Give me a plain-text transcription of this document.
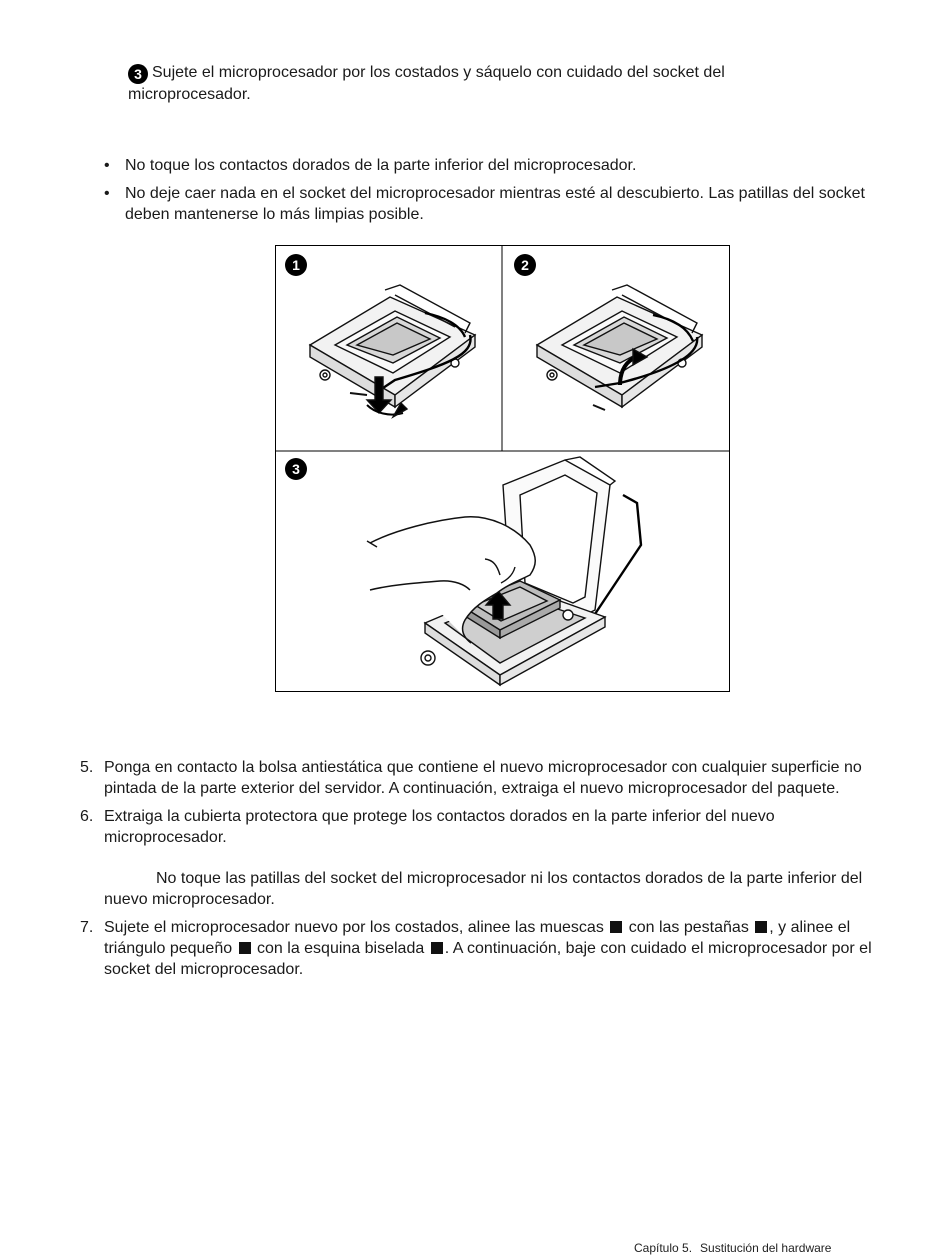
3 Sujete el microprocesador por los costados y sáquelo con cuidado del socket del microprocesador.
• No toque los contactos dorados de la parte inferior del microprocesador.
• No deje caer nada en el socket del microprocesador mientras esté al descubierto. Las patillas del socket deben mantenerse lo más limpias posible.
1	2
3
5. Ponga en contacto la bolsa antiestática que contiene el nuevo microprocesador con cualquier superficie no pintada de la parte exterior del servidor. A continuación, extraiga el nuevo microprocesador del paquete.
6. Extraiga la cubierta protectora que protege los contactos dorados en la parte inferior del nuevo microprocesador.
No toque las patillas del socket del microprocesador ni los contactos dorados de la parte inferior del nuevo microprocesador.
7. Sujete el microprocesador nuevo por los costados, alinee las muescas con las pestañas , y alinee el triángulo pequeño con la esquina biselada . A continuación, baje con cuidado el microprocesador por el socket del microprocesador.
Capítulo 5. Sustitución del hardware
